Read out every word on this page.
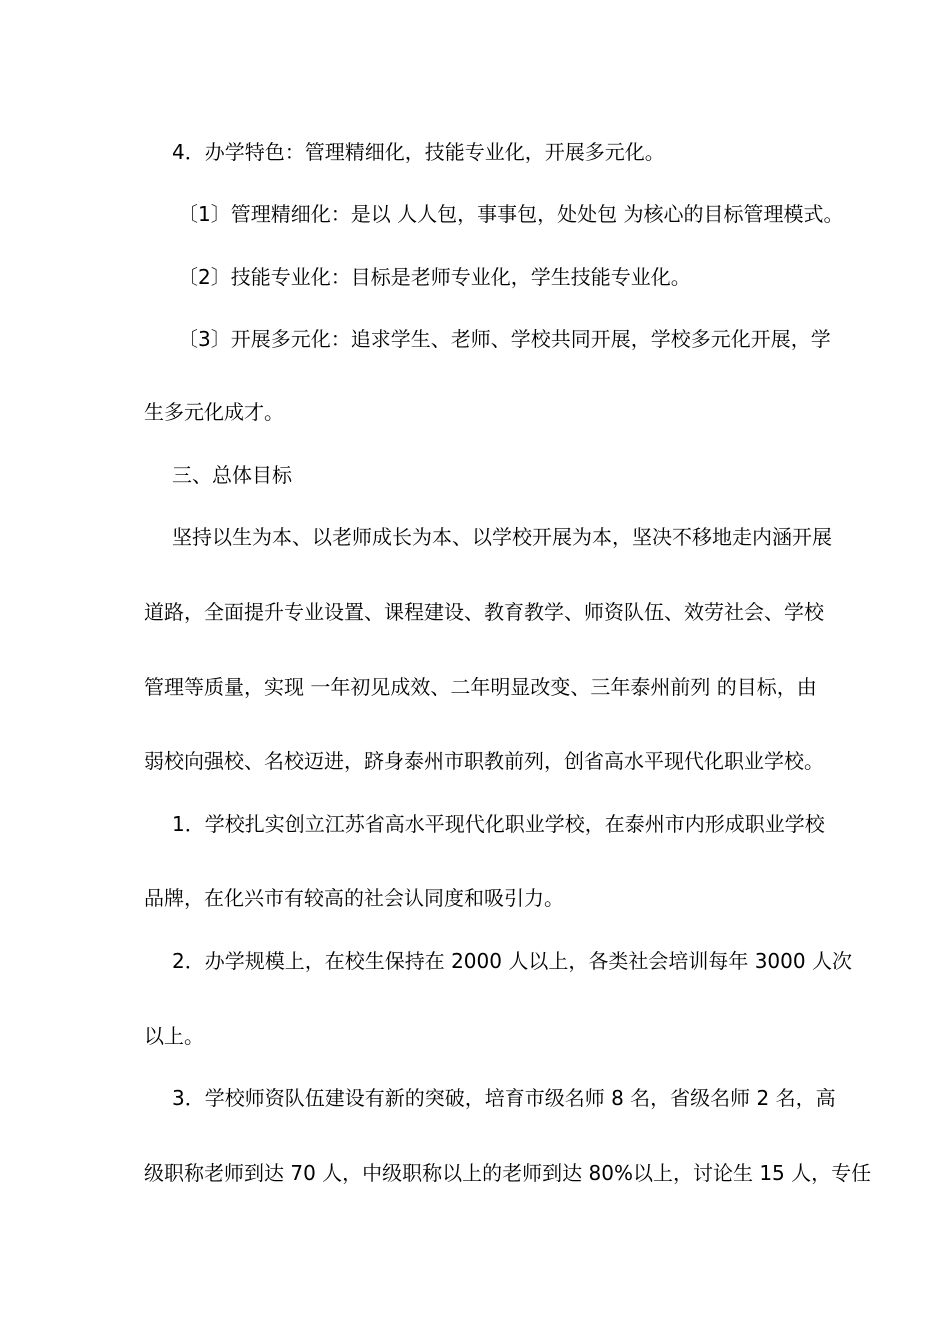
4．办学特色：管理精细化，技能专业化，开展多元化。
〔1〕管理精细化：是以 人人包，事事包，处处包 为核心的目标管理模式。
〔2〕技能专业化：目标是老师专业化，学生技能专业化。
〔3〕开展多元化：追求学生、老师、学校共同开展，学校多元化开展，学
生多元化成才。
三、总体目标
坚持以生为本、以老师成长为本、以学校开展为本，坚决不移地走内涵开展
道路，全面提升专业设置、课程建设、教育教学、师资队伍、效劳社会、学校
管理等质量，实现 一年初见成效、二年明显改变、三年泰州前列 的目标，由
弱校向强校、名校迈进，跻身泰州市职教前列，创省高水平现代化职业学校。
1．学校扎实创立江苏省高水平现代化职业学校，在泰州市内形成职业学校
品牌，在化兴市有较高的社会认同度和吸引力。
2．办学规模上，在校生保持在 2000 人以上，各类社会培训每年 3000 人次
以上。
3．学校师资队伍建设有新的突破，培育市级名师 8 名，省级名师 2 名，高
级职称老师到达 70 人，中级职称以上的老师到达 80%以上，讨论生 15 人，专任
